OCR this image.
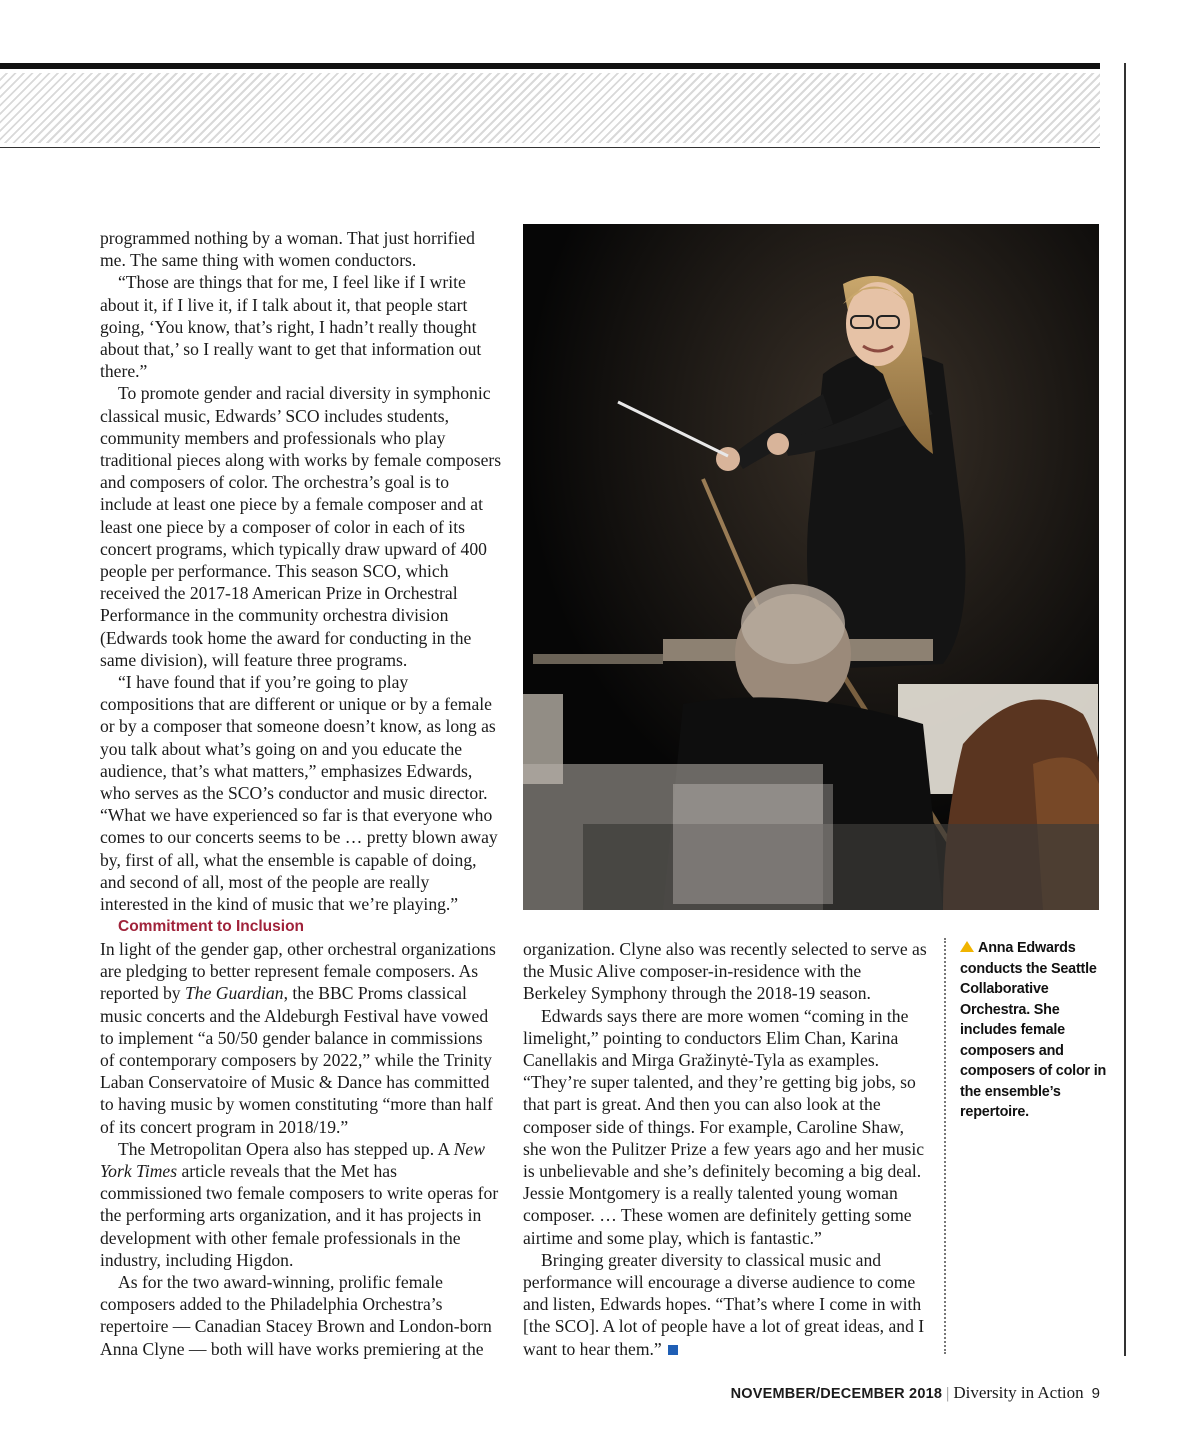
programmed nothing by a woman. That just horrified me. The same thing with women conductors.

“Those are things that for me, I feel like if I write about it, if I live it, if I talk about it, that people start going, ‘You know, that’s right, I hadn’t really thought about that,’ so I really want to get that information out there.”

To promote gender and racial diversity in symphonic classical music, Edwards’ SCO includes students, community members and professionals who play traditional pieces along with works by female composers and composers of color. The orchestra’s goal is to include at least one piece by a female composer and at least one piece by a composer of color in each of its concert programs, which typically draw upward of 400 people per performance. This season SCO, which received the 2017-18 American Prize in Orchestral Performance in the community orchestra division (Edwards took home the award for conducting in the same division), will feature three programs.

“I have found that if you’re going to play compositions that are different or unique or by a female or by a composer that someone doesn’t know, as long as you talk about what’s going on and you educate the audience, that’s what matters,” emphasizes Edwards, who serves as the SCO’s conductor and music director. “What we have experienced so far is that everyone who comes to our concerts seems to be … pretty blown away by, first of all, what the ensemble is capable of doing, and second of all, most of the people are really interested in the kind of music that we’re playing.”

Commitment to Inclusion

In light of the gender gap, other orchestral organizations are pledging to better represent female composers. As reported by The Guardian, the BBC Proms classical music concerts and the Aldeburgh Festival have vowed to implement “a 50/50 gender balance in commissions of contemporary composers by 2022,” while the Trinity Laban Conservatoire of Music & Dance has committed to having music by women constituting “more than half of its concert program in 2018/19.”

The Metropolitan Opera also has stepped up. A New York Times article reveals that the Met has commissioned two female composers to write operas for the performing arts organization, and it has projects in development with other female professionals in the industry, including Higdon.

As for the two award-winning, prolific female composers added to the Philadelphia Orchestra’s repertoire — Canadian Stacey Brown and London-born Anna Clyne — both will have works premiering at the

organization. Clyne also was recently selected to serve as the Music Alive composer-in-residence with the Berkeley Symphony through the 2018-19 season.

Edwards says there are more women “coming in the limelight,” pointing to conductors Elim Chan, Karina Canellakis and Mirga Gražinytė-Tyla as examples. “They’re super talented, and they’re getting big jobs, so that part is great. And then you can also look at the composer side of things. For example, Caroline Shaw, she won the Pulitzer Prize a few years ago and her music is unbelievable and she’s definitely becoming a big deal. Jessie Montgomery is a really talented young woman composer. … These women are definitely getting some airtime and some play, which is fantastic.”

Bringing greater diversity to classical music and performance will encourage a diverse audience to come and listen, Edwards hopes. “That’s where I come in with [the SCO]. A lot of people have a lot of great ideas, and I want to hear them.”

Anna Edwards conducts the Seattle Collaborative Orchestra. She includes female composers and composers of color in the ensemble’s repertoire.
NOVEMBER/DECEMBER 2018 | Diversity in Action 9
